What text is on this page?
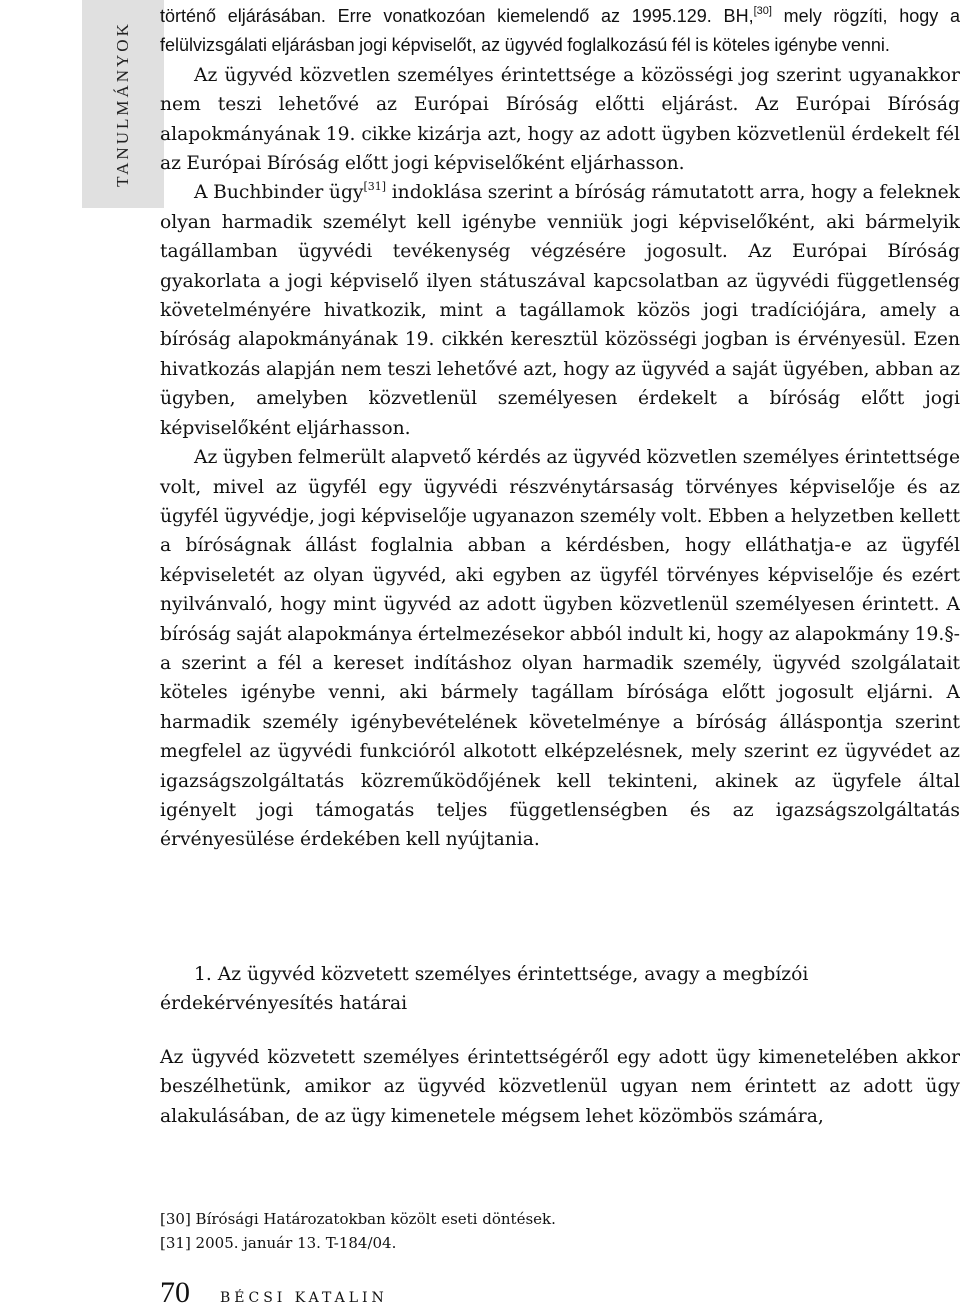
TANULMÁNYOK

történő eljárásában. Erre vonatkozóan kiemelendő az 1995.129. BH,[30] mely rögzíti, hogy a felülvizsgálati eljárásban jogi képviselőt, az ügyvéd foglalkozású fél is köteles igénybe venni.

Az ügyvéd közvetlen személyes érintettsége a közösségi jog szerint ugyanakkor nem teszi lehetővé az Európai Bíróság előtti eljárást. Az Európai Bíróság alapokmányának 19. cikke kizárja azt, hogy az adott ügyben közvetlenül érdekelt fél az Európai Bíróság előtt jogi képviselőként eljárhasson.

A Buchbinder ügy[31] indoklása szerint a bíróság rámutatott arra, hogy a feleknek olyan harmadik személyt kell igénybe venniük jogi képviselőként, aki bármelyik tagállamban ügyvédi tevékenység végzésére jogosult. Az Európai Bíróság gyakorlata a jogi képviselő ilyen státuszával kapcsolatban az ügyvédi függetlenség követelményére hivatkozik, mint a tagállamok közös jogi tradíciójára, amely a bíróság alapokmányának 19. cikkén keresztül közösségi jogban is érvényesül. Ezen hivatkozás alapján nem teszi lehetővé azt, hogy az ügyvéd a saját ügyében, abban az ügyben, amelyben közvetlenül személyesen érdekelt a bíróság előtt jogi képviselőként eljárhasson.

Az ügyben felmerült alapvető kérdés az ügyvéd közvetlen személyes érintettsége volt, mivel az ügyfél egy ügyvédi részvénytársaság törvényes képviselője és az ügyfél ügyvédje, jogi képviselője ugyanazon személy volt. Ebben a helyzetben kellett a bíróságnak állást foglalnia abban a kérdésben, hogy elláthatja-e az ügyfél képviseletét az olyan ügyvéd, aki egyben az ügyfél törvényes képviselője és ezért nyilvánvaló, hogy mint ügyvéd az adott ügyben közvetlenül személyesen érintett. A bíróság saját alapokmánya értelmezésekor abból indult ki, hogy az alapokmány 19.§-a szerint a fél a kereset indításhoz olyan harmadik személy, ügyvéd szolgálatait köteles igénybe venni, aki bármely tagállam bírósága előtt jogosult eljárni. A harmadik személy igénybevételének követelménye a bíróság álláspontja szerint megfelel az ügyvédi funkcióról alkotott elképzelésnek, mely szerint ez ügyvédet az igazságszolgáltatás közreműködőjének kell tekinteni, akinek az ügyfele által igényelt jogi támogatás teljes függetlenségben és az igazságszolgáltatás érvényesülése érdekében kell nyújtania.

1. Az ügyvéd közvetett személyes érintettsége, avagy a megbízói érdekérvényesítés határai

Az ügyvéd közvetett személyes érintettségéről egy adott ügy kimenetelében akkor beszélhetünk, amikor az ügyvéd közvetlenül ugyan nem érintett az adott ügy alakulásában, de az ügy kimenetele mégsem lehet közömbös számára,

[30] Bírósági Határozatokban közölt eseti döntések.
[31] 2005. január 13. T-184/04.
70 BÉCSI KATALIN
